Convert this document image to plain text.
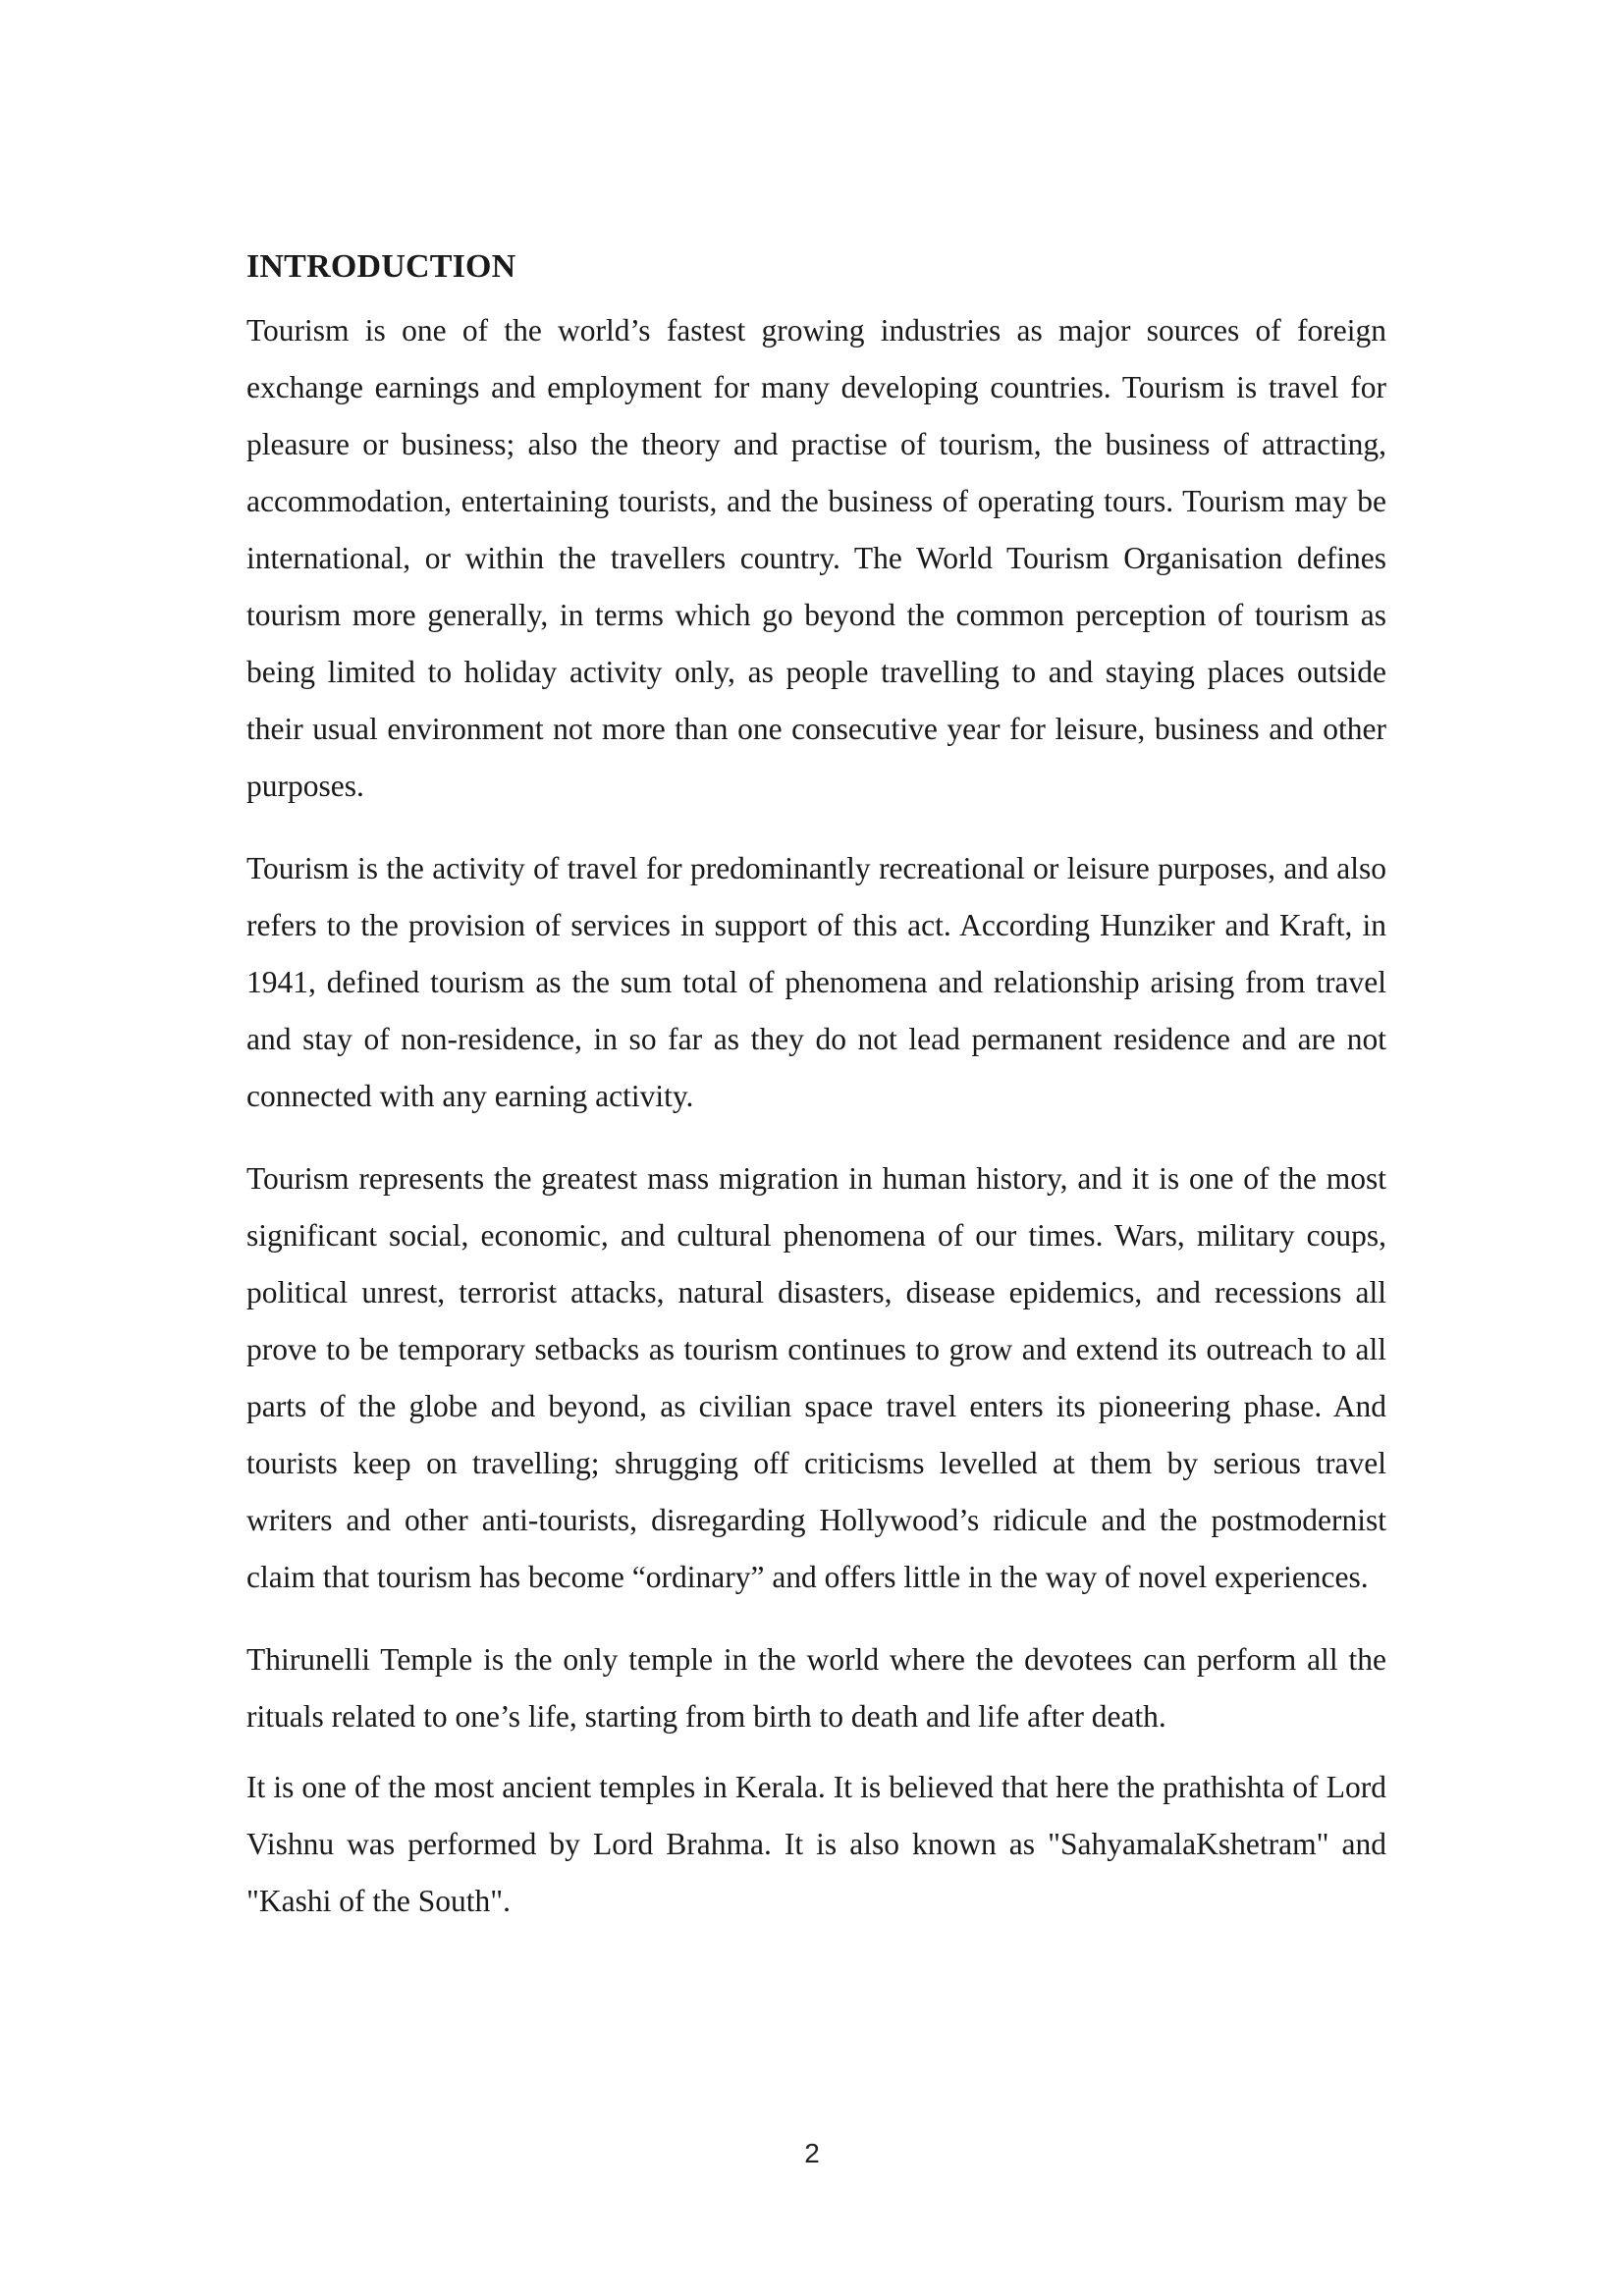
INTRODUCTION

Tourism is one of the world’s fastest growing industries as major sources of foreign exchange earnings and employment for many developing countries. Tourism is travel for pleasure or business; also the theory and practise of tourism, the business of attracting, accommodation, entertaining tourists, and the business of operating tours. Tourism may be international, or within the travellers country. The World Tourism Organisation defines tourism more generally, in terms which go beyond the common perception of tourism as being limited to holiday activity only, as people travelling to and staying places outside their usual environment not more than one consecutive year for leisure, business and other purposes.

Tourism is the activity of travel for predominantly recreational or leisure purposes, and also refers to the provision of services in support of this act. According Hunziker and Kraft, in 1941, defined tourism as the sum total of phenomena and relationship arising from travel and stay of non-residence, in so far as they do not lead permanent residence and are not connected with any earning activity.

Tourism represents the greatest mass migration in human history, and it is one of the most significant social, economic, and cultural phenomena of our times. Wars, military coups, political unrest, terrorist attacks, natural disasters, disease epidemics, and recessions all prove to be temporary setbacks as tourism continues to grow and extend its outreach to all parts of the globe and beyond, as civilian space travel enters its pioneering phase. And tourists keep on travelling; shrugging off criticisms levelled at them by serious travel writers and other anti-tourists, disregarding Hollywood’s ridicule and the postmodernist claim that tourism has become “ordinary” and offers little in the way of novel experiences.

Thirunelli Temple is the only temple in the world where the devotees can perform all the rituals related to one’s life, starting from birth to death and life after death.

It is one of the most ancient temples in Kerala. It is believed that here the prathishta of Lord Vishnu was performed by Lord Brahma. It is also known as "SahyamalaKshetram" and "Kashi of the South".

2
